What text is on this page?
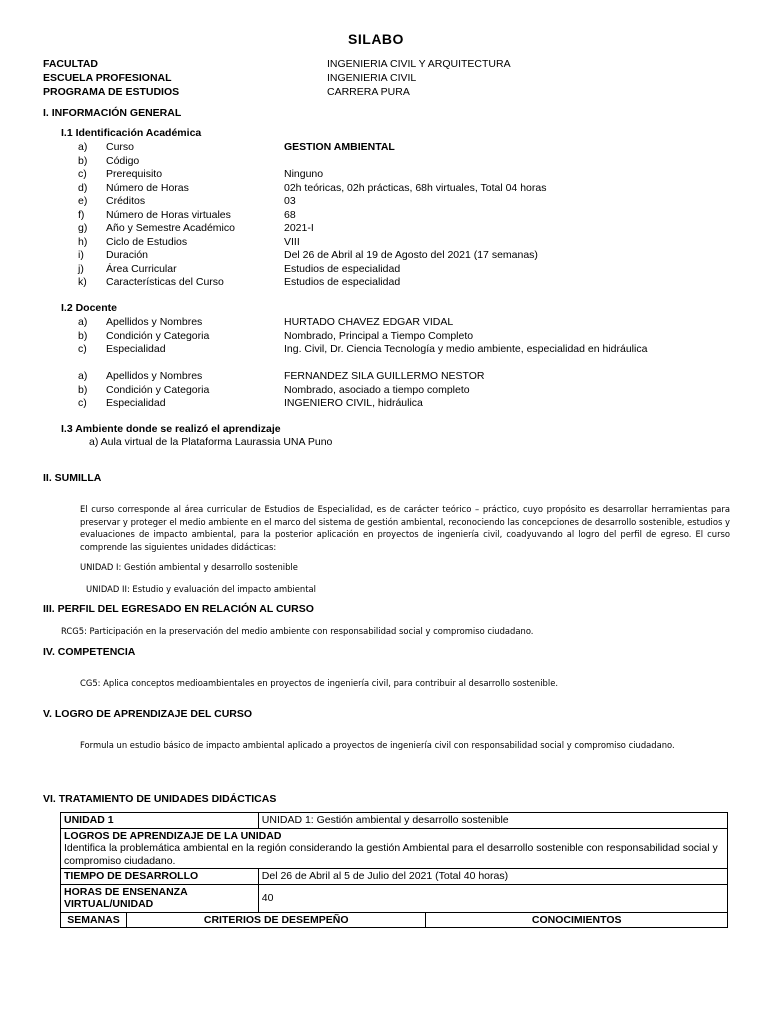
SILABO
FACULTAD	INGENIERIA CIVIL Y ARQUITECTURA
ESCUELA PROFESIONAL	INGENIERIA CIVIL
PROGRAMA DE ESTUDIOS	CARRERA PURA
I. INFORMACIÓN GENERAL
I.1 Identificación Académica
a) Curso	GESTION AMBIENTAL
b) Código
c) Prerequisito	Ninguno
d) Número de Horas	02h teóricas, 02h prácticas, 68h virtuales, Total 04 horas
e) Créditos	03
f) Número de Horas virtuales	68
g) Año y Semestre Académico	2021-I
h) Ciclo de Estudios	VIII
i) Duración	Del 26 de Abril al 19 de Agosto del 2021 (17 semanas)
j) Área Curricular	Estudios de especialidad
k) Características del Curso	Estudios de especialidad
I.2 Docente
a) Apellidos y Nombres	HURTADO CHAVEZ EDGAR VIDAL
b) Condición y Categoria	Nombrado, Principal a Tiempo Completo
c) Especialidad	Ing. Civil, Dr. Ciencia Tecnología y medio ambiente, especialidad en hidráulica
a) Apellidos y Nombres	FERNANDEZ SILA GUILLERMO NESTOR
b) Condición y Categoria	Nombrado, asociado a tiempo completo
c) Especialidad	INGENIERO CIVIL, hidráulica
I.3 Ambiente donde se realizó el aprendizaje
a) Aula virtual de la Plataforma Laurassia UNA Puno
II. SUMILLA
El curso corresponde al área curricular de Estudios de Especialidad, es de carácter teórico – práctico, cuyo propósito es desarrollar herramientas para preservar y proteger el medio ambiente en el marco del sistema de gestión ambiental, reconociendo las concepciones de desarrollo sostenible, estudios y evaluaciones de impacto ambiental, para la posterior aplicación en proyectos de ingeniería civil, coadyuvando al logro del perfil de egreso. El curso comprende las siguientes unidades didácticas:
UNIDAD I: Gestión ambiental y desarrollo sostenible
UNIDAD II: Estudio y evaluación del impacto ambiental
III. PERFIL DEL EGRESADO EN RELACIÓN AL CURSO
RCG5: Participación en la preservación del medio ambiente con responsabilidad social y compromiso ciudadano.
IV. COMPETENCIA
CG5: Aplica conceptos medioambientales en proyectos de ingeniería civil, para contribuir al desarrollo sostenible.
V. LOGRO DE APRENDIZAJE DEL CURSO
Formula un estudio básico de impacto ambiental aplicado a proyectos de ingeniería civil con responsabilidad social y compromiso ciudadano.
VI. TRATAMIENTO DE UNIDADES DIDÁCTICAS
UNIDAD 1		UNIDAD 1: Gestión ambiental y desarrollo sostenible	

LOGROS DE APRENDIZAJE DE LA UNIDAD
Identifica la problemática ambiental en la región considerando la gestión Ambiental para el desarrollo sostenible con responsabilidad social y compromiso ciudadano.			

TIEMPO DE DESARROLLO		Del 26 de Abril al 5 de Julio del 2021 (Total 40 horas)	
HORAS DE ENSENANZA VIRTUAL/UNIDAD		40	
SEMANAS	CRITERIOS DE DESEMPEÑO		CONOCIMIENTOS
